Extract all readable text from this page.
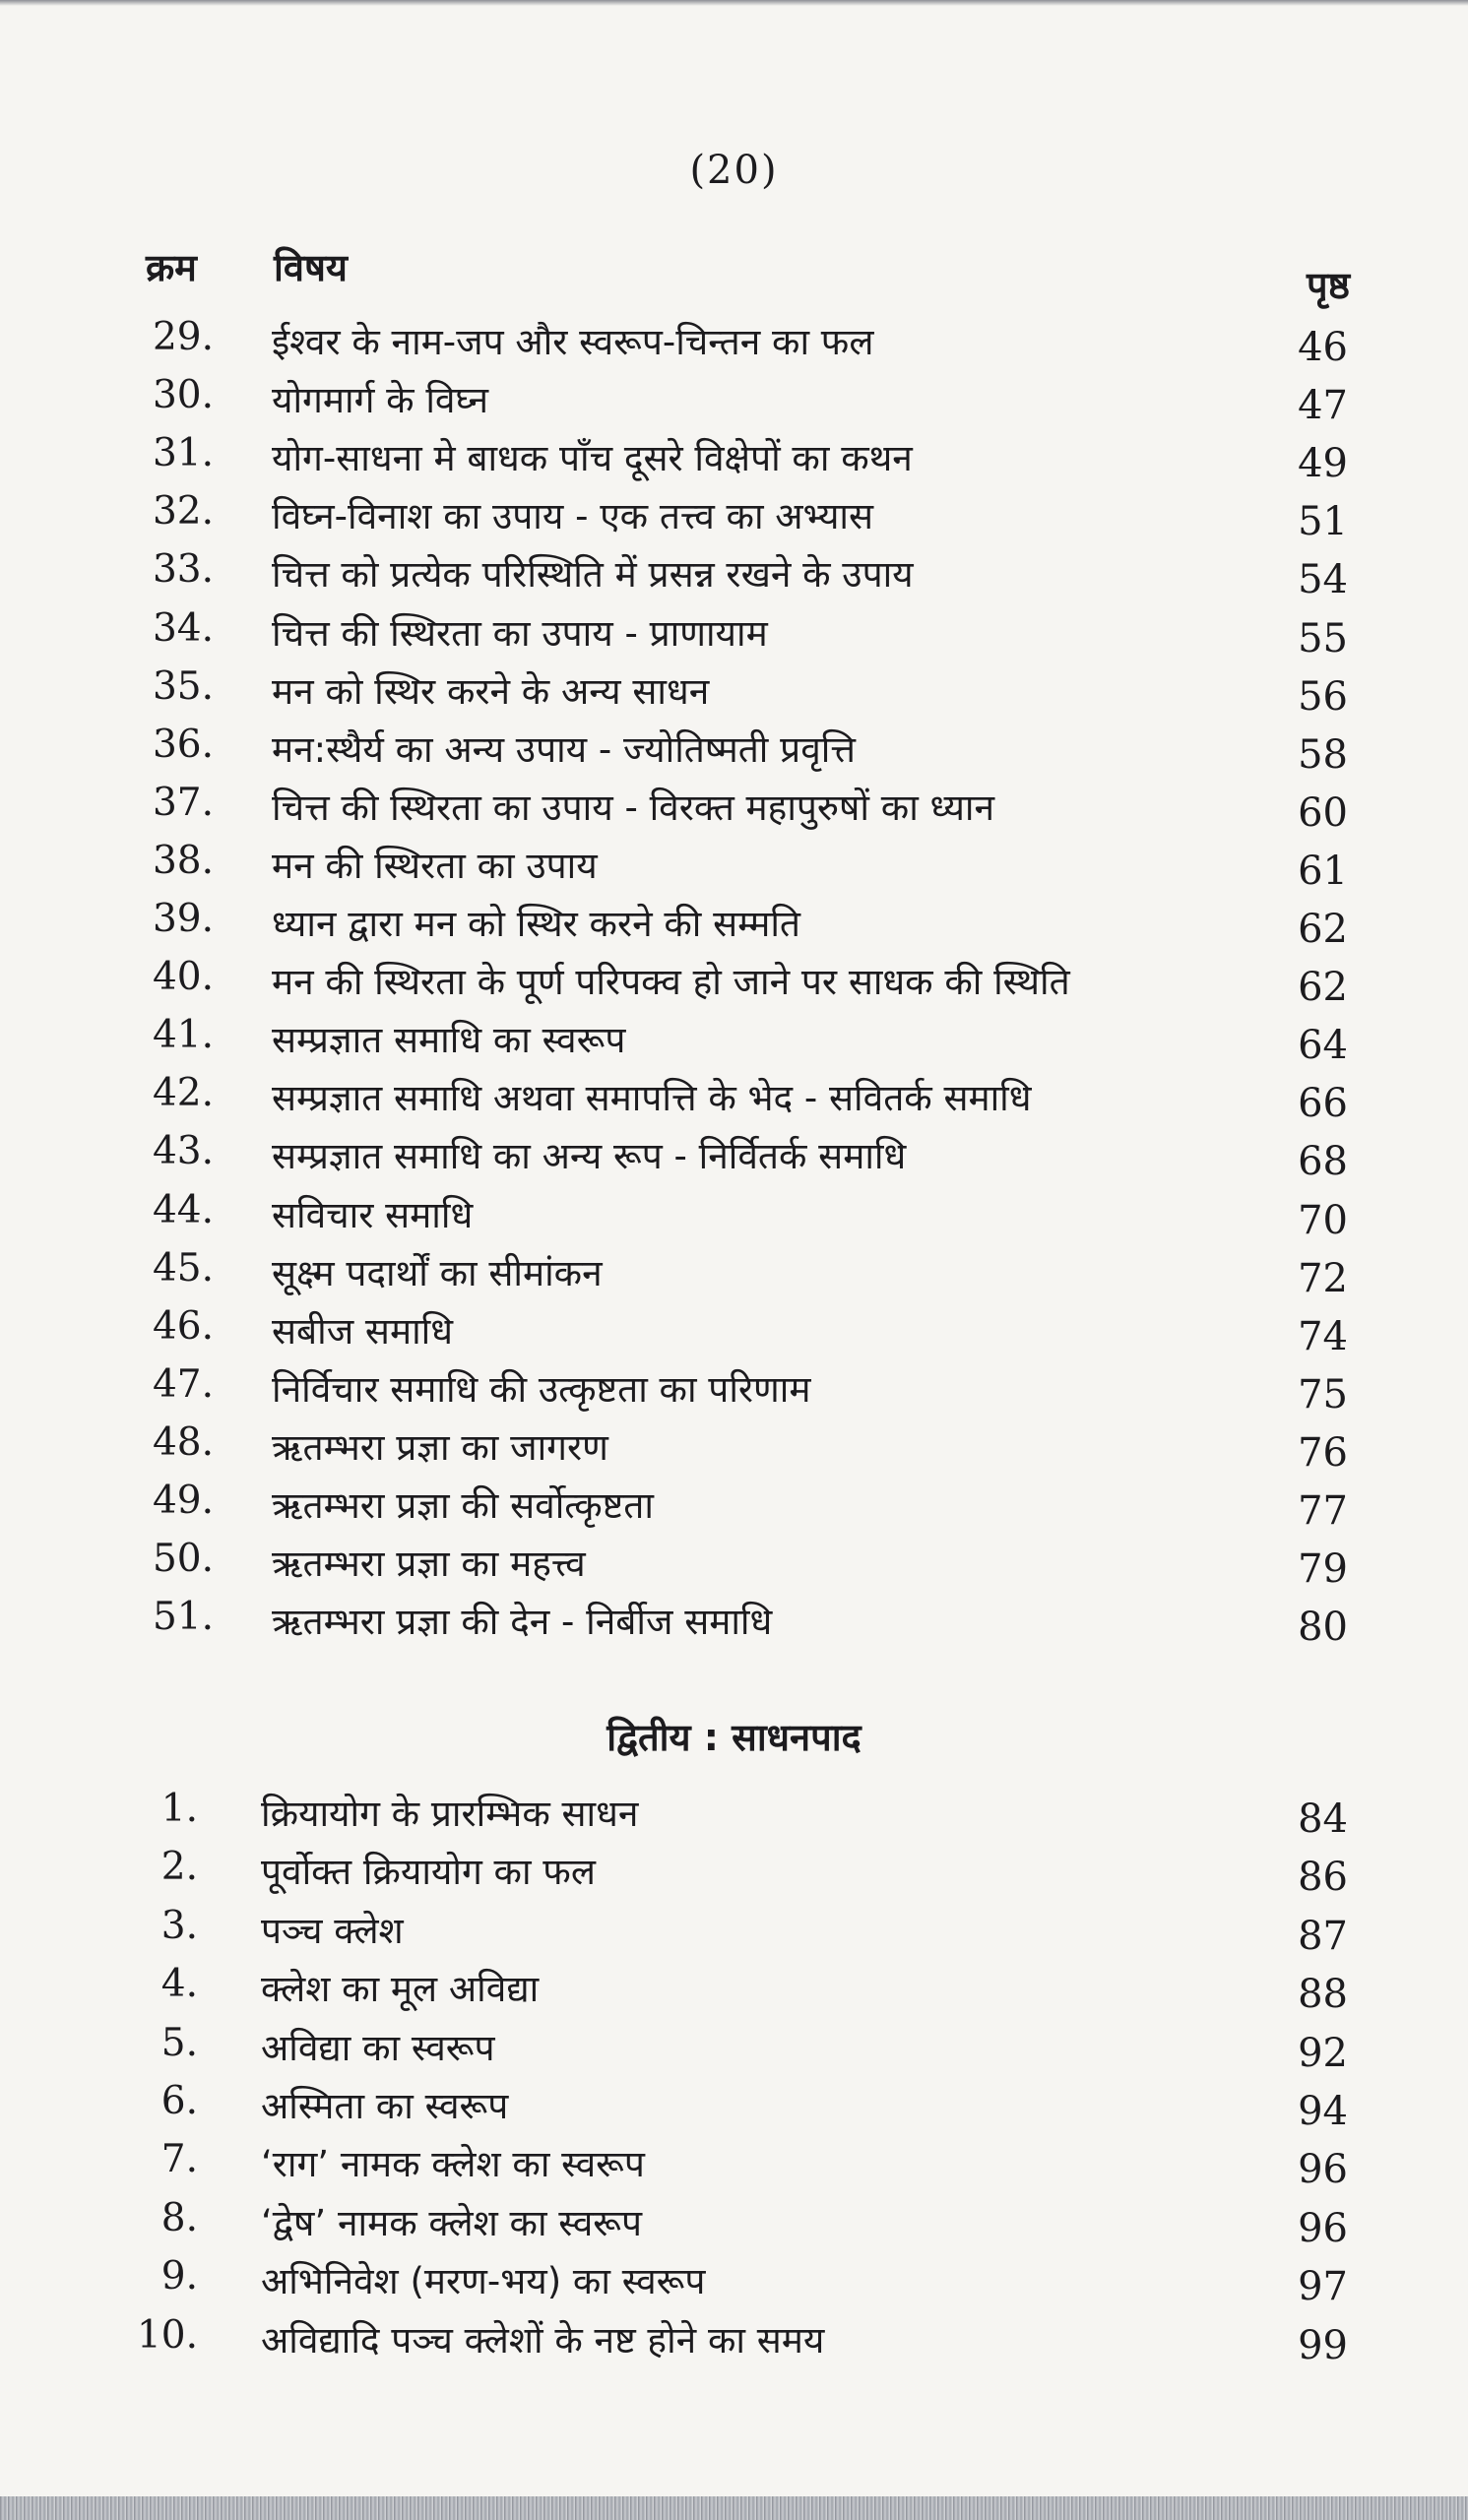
(20)
क्रम विषय	पृष्ठ
29. ईश्वर के नाम-जप और स्वरूप-चिन्तन का फल	46
30. योगमार्ग के विघ्न	47
31. योग-साधना मे बाधक पाँच दूसरे विक्षेपों का कथन	49
32. विघ्न-विनाश का उपाय - एक तत्त्व का अभ्यास	51
33. चित्त को प्रत्येक परिस्थिति में प्रसन्न रखने के उपाय	54
34. चित्त की स्थिरता का उपाय - प्राणायाम	55
35. मन को स्थिर करने के अन्य साधन	56
36. मन:स्थैर्य का अन्य उपाय - ज्योतिष्मती प्रवृत्ति	58
37. चित्त की स्थिरता का उपाय - विरक्त महापुरुषों का ध्यान	60
38. मन की स्थिरता का उपाय	61
39. ध्यान द्वारा मन को स्थिर करने की सम्मति	62
40. मन की स्थिरता के पूर्ण परिपक्व हो जाने पर साधक की स्थिति	62
41. सम्प्रज्ञात समाधि का स्वरूप	64
42. सम्प्रज्ञात समाधि अथवा समापत्ति के भेद - सवितर्क समाधि	66
43. सम्प्रज्ञात समाधि का अन्य रूप - निर्वितर्क समाधि	68
44. सविचार समाधि	70
45. सूक्ष्म पदार्थों का सीमांकन	72
46. सबीज समाधि	74
47. निर्विचार समाधि की उत्कृष्टता का परिणाम	75
48. ऋतम्भरा प्रज्ञा का जागरण	76
49. ऋतम्भरा प्रज्ञा की सर्वोत्कृष्टता	77
50. ऋतम्भरा प्रज्ञा का महत्त्व	79
51. ऋतम्भरा प्रज्ञा की देन - निर्बीज समाधि	80
द्वितीय : साधनपाद
1. क्रियायोग के प्रारम्भिक साधन	84
2. पूर्वोक्त क्रियायोग का फल	86
3. पञ्च क्लेश	87
4. क्लेश का मूल अविद्या	88
5. अविद्या का स्वरूप	92
6. अस्मिता का स्वरूप	94
7. ‘राग’ नामक क्लेश का स्वरूप	96
8. ‘द्वेष’ नामक क्लेश का स्वरूप	96
9. अभिनिवेश (मरण-भय) का स्वरूप	97
10. अविद्यादि पञ्च क्लेशों के नष्ट होने का समय	99
